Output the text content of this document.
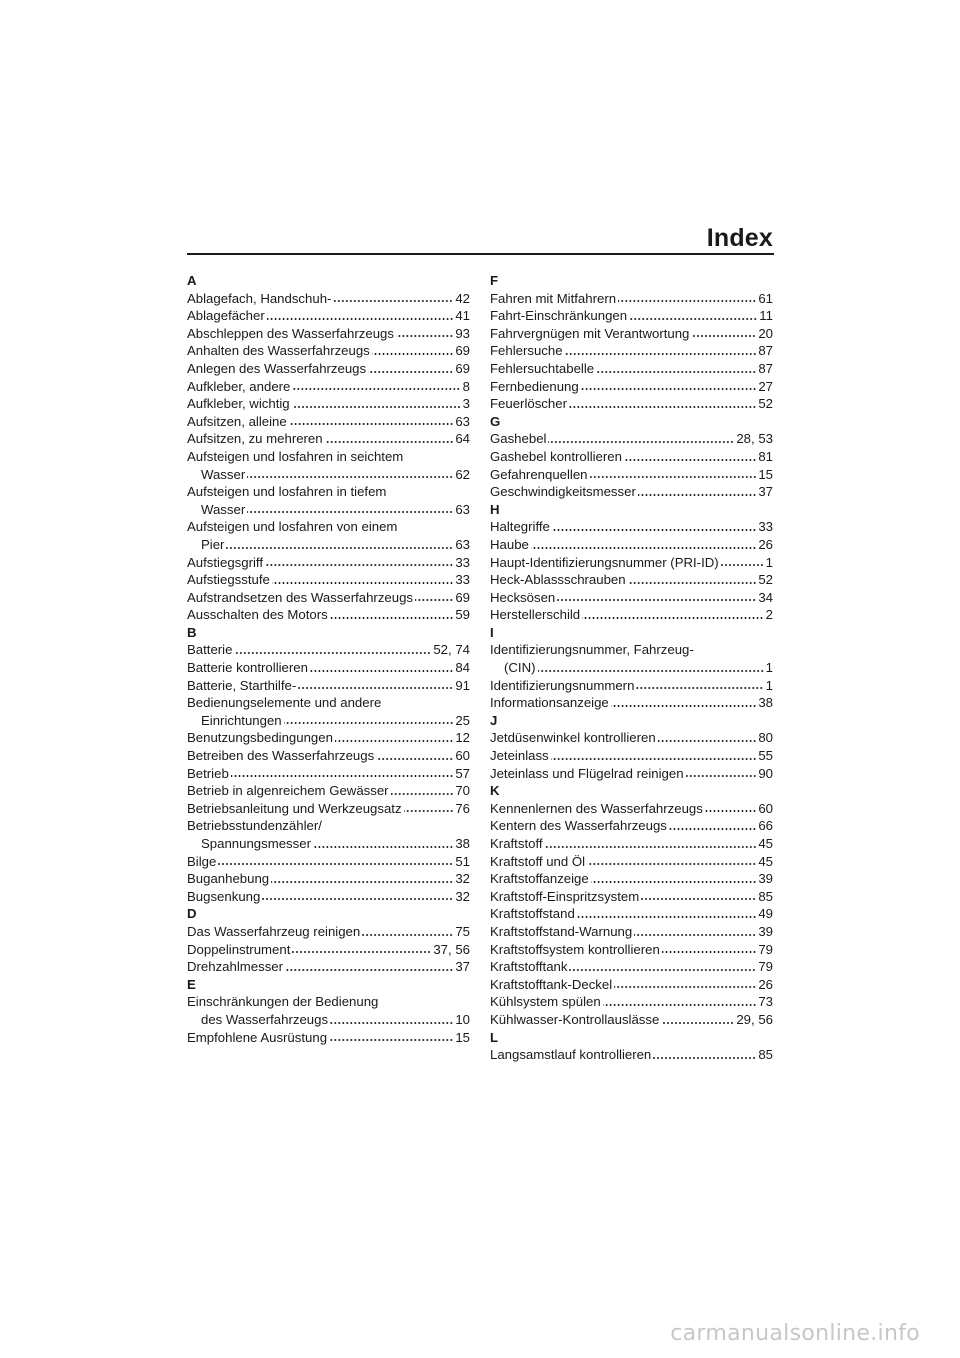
Index
A
Ablagefach, Handschuh-	42
Ablagefächer	41
Abschleppen des Wasserfahrzeugs	93
Anhalten des Wasserfahrzeugs	69
Anlegen des Wasserfahrzeugs	69
Aufkleber, andere	8
Aufkleber, wichtig	3
Aufsitzen, alleine	63
Aufsitzen, zu mehreren	64
Aufsteigen und losfahren in seichtem
Wasser	62
Aufsteigen und losfahren in tiefem
Wasser	63
Aufsteigen und losfahren von einem
Pier	63
Aufstiegsgriff	33
Aufstiegsstufe	33
Aufstrandsetzen des Wasserfahrzeugs	69
Ausschalten des Motors	59
B
Batterie	52, 74
Batterie kontrollieren	84
Batterie, Starthilfe-	91
Bedienungselemente und andere
Einrichtungen	25
Benutzungsbedingungen	12
Betreiben des Wasserfahrzeugs	60
Betrieb	57
Betrieb in algenreichem Gewässer	70
Betriebsanleitung und Werkzeugsatz	76
Betriebsstundenzähler/
Spannungsmesser	38
Bilge	51
Buganhebung	32
Bugsenkung	32
D
Das Wasserfahrzeug reinigen	75
Doppelinstrument	37, 56
Drehzahlmesser	37
E
Einschränkungen der Bedienung
des Wasserfahrzeugs	10
Empfohlene Ausrüstung	15
F
Fahren mit Mitfahrern	61
Fahrt-Einschränkungen	11
Fahrvergnügen mit Verantwortung	20
Fehlersuche	87
Fehlersuchtabelle	87
Fernbedienung	27
Feuerlöscher	52
G
Gashebel	28, 53
Gashebel kontrollieren	81
Gefahrenquellen	15
Geschwindigkeitsmesser	37
H
Haltegriffe	33
Haube	26
Haupt-Identifizierungsnummer (PRI-ID)	1
Heck-Ablassschrauben	52
Hecksösen	34
Herstellerschild	2
I
Identifizierungsnummer, Fahrzeug-
(CIN)	1
Identifizierungsnummern	1
Informationsanzeige	38
J
Jetdüsenwinkel kontrollieren	80
Jeteinlass	55
Jeteinlass und Flügelrad reinigen	90
K
Kennenlernen des Wasserfahrzeugs	60
Kentern des Wasserfahrzeugs	66
Kraftstoff	45
Kraftstoff und Öl	45
Kraftstoffanzeige	39
Kraftstoff-Einspritzsystem	85
Kraftstoffstand	49
Kraftstoffstand-Warnung	39
Kraftstoffsystem kontrollieren	79
Kraftstofftank	79
Kraftstofftank-Deckel	26
Kühlsystem spülen	73
Kühlwasser-Kontrollauslässe	29, 56
L
Langsamstlauf kontrollieren	85
carmanualsonline.info
